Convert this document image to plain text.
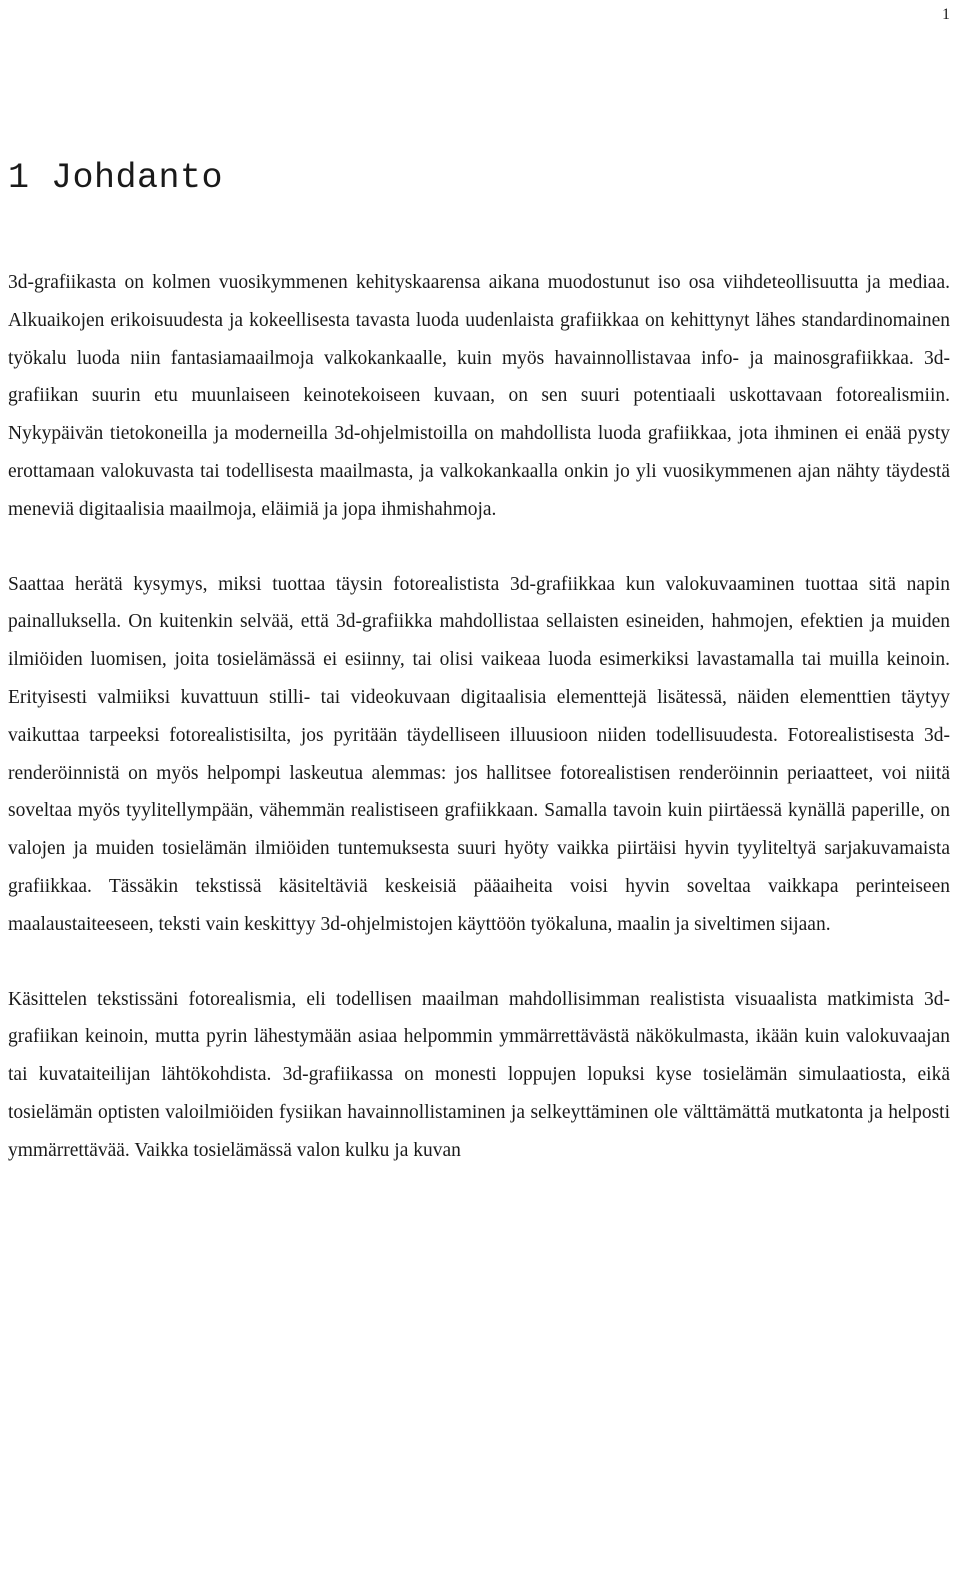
1

1 Johdanto

3d-grafiikasta on kolmen vuosikymmenen kehityskaarensa aikana muodostunut iso osa viihdeteollisuutta ja mediaa. Alkuaikojen erikoisuudesta ja kokeellisesta tavasta luoda uudenlaista grafiikkaa on kehittynyt lähes standardinomainen työkalu luoda niin fantasiamaailmoja valkokankaalle, kuin myös havainnollistavaa info- ja mainosgrafiikkaa. 3d-grafiikan suurin etu muunlaiseen keinotekoiseen kuvaan, on sen suuri potentiaali uskottavaan fotorealismiin. Nykypäivän tietokoneilla ja moderneilla 3d-ohjelmistoilla on mahdollista luoda grafiikkaa, jota ihminen ei enää pysty erottamaan valokuvasta tai todellisesta maailmasta, ja valkokankaalla onkin jo yli vuosikymmenen ajan nähty täydestä meneviä digitaalisia maailmoja, eläimiä ja jopa ihmishahmoja.

Saattaa herätä kysymys, miksi tuottaa täysin fotorealistista 3d-grafiikkaa kun valokuvaaminen tuottaa sitä napin painalluksella. On kuitenkin selvää, että 3d-grafiikka mahdollistaa sellaisten esineiden, hahmojen, efektien ja muiden ilmiöiden luomisen, joita tosielämässä ei esiinny, tai olisi vaikeaa luoda esimerkiksi lavastamalla tai muilla keinoin. Erityisesti valmiiksi kuvattuun stilli- tai videokuvaan digitaalisia elementtejä lisätessä, näiden elementtien täytyy vaikuttaa tarpeeksi fotorealistisilta, jos pyritään täydelliseen illuusioon niiden todellisuudesta. Fotorealistisesta 3d-renderöinnistä on myös helpompi laskeutua alemmas: jos hallitsee fotorealistisen renderöinnin periaatteet, voi niitä soveltaa myös tyylitellympään, vähemmän realistiseen grafiikkaan. Samalla tavoin kuin piirtäessä kynällä paperille, on valojen ja muiden tosielämän ilmiöiden tuntemuksesta suuri hyöty vaikka piirtäisi hyvin tyyliteltyä sarjakuvamaista grafiikkaa. Tässäkin tekstissä käsiteltäviä keskeisiä pääaiheita voisi hyvin soveltaa vaikkapa perinteiseen maalaustaiteeseen, teksti vain keskittyy 3d-ohjelmistojen käyttöön työkaluna, maalin ja siveltimen sijaan.

Käsittelen tekstissäni fotorealismia, eli todellisen maailman mahdollisimman realistista visuaalista matkimista 3d-grafiikan keinoin, mutta pyrin lähestymään asiaa helpommin ymmärrettävästä näkökulmasta, ikään kuin valokuvaajan tai kuvataiteilijan lähtökohdista. 3d-grafiikassa on monesti loppujen lopuksi kyse tosielämän simulaatiosta, eikä tosielämän optisten valoilmiöiden fysiikan havainnollistaminen ja selkeyttäminen ole välttämättä mutkatonta ja helposti ymmärrettävää. Vaikka tosielämässä valon kulku ja kuvan
